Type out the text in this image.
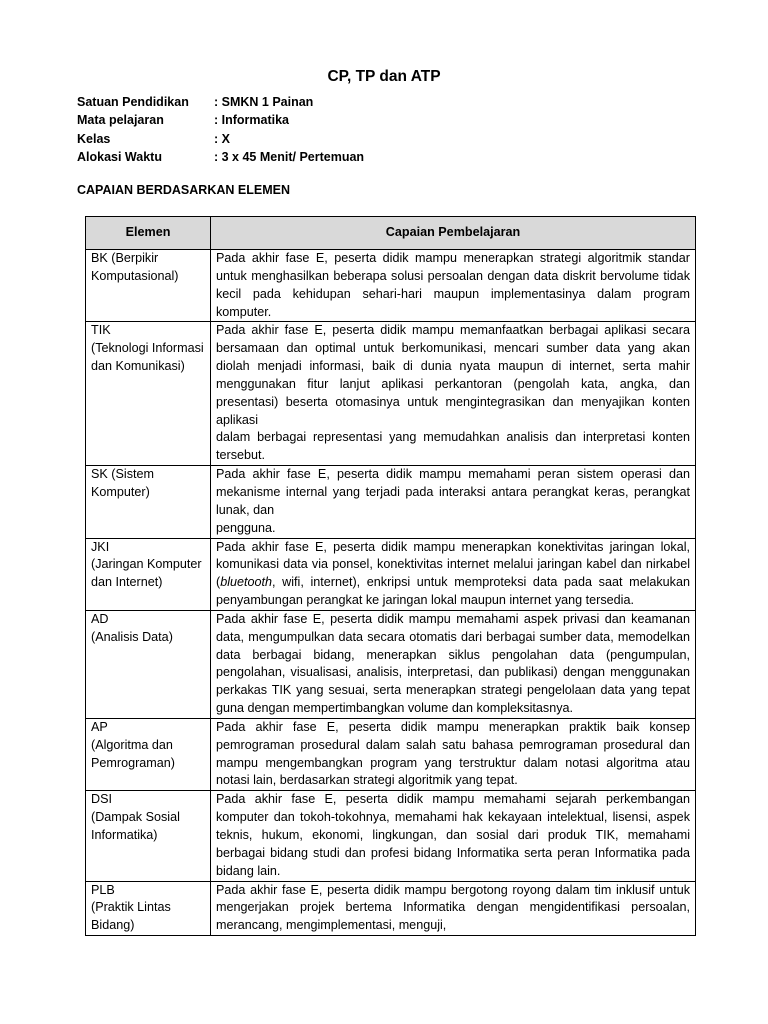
CP, TP dan ATP
Satuan Pendidikan : SMKN 1 Painan
Mata pelajaran	: Informatika
Kelas	: X
Alokasi Waktu	: 3 x 45 Menit/ Pertemuan
CAPAIAN BERDASARKAN ELEMEN
Elemen	Capaian Pembelajaran

BK (Berpikir Komputasional)	Pada akhir fase E, peserta didik mampu menerapkan strategi algoritmik standar untuk menghasilkan beberapa solusi persoalan dengan data diskrit bervolume tidak kecil pada kehidupan sehari-hari maupun implementasinya dalam program komputer.

TIK
(Teknologi Informasi dan Komunikasi)	Pada akhir fase E, peserta didik mampu memanfaatkan berbagai aplikasi secara bersamaan dan optimal untuk berkomunikasi, mencari sumber data yang akan diolah menjadi informasi, baik di dunia nyata maupun di internet, serta mahir menggunakan fitur lanjut aplikasi perkantoran (pengolah kata, angka, dan presentasi) beserta otomasinya untuk mengintegrasikan dan menyajikan konten aplikasi
dalam berbagai representasi yang memudahkan analisis dan interpretasi konten tersebut.

SK (Sistem Komputer)	Pada akhir fase E, peserta didik mampu memahami peran sistem operasi dan mekanisme internal yang terjadi pada interaksi antara perangkat keras, perangkat lunak, dan
pengguna.

JKI
(Jaringan Komputer dan Internet)	Pada akhir fase E, peserta didik mampu menerapkan konektivitas jaringan lokal, komunikasi data via ponsel, konektivitas internet melalui jaringan kabel dan nirkabel (bluetooth, wifi, internet), enkripsi untuk memproteksi data pada saat melakukan penyambungan perangkat ke jaringan lokal maupun internet yang tersedia.

AD
(Analisis Data)	Pada akhir fase E, peserta didik mampu memahami aspek privasi dan keamanan data, mengumpulkan data secara otomatis dari berbagai sumber data, memodelkan data berbagai bidang, menerapkan siklus pengolahan data (pengumpulan, pengolahan, visualisasi, analisis, interpretasi, dan publikasi) dengan menggunakan perkakas TIK yang sesuai, serta menerapkan strategi pengelolaan data yang tepat guna dengan mempertimbangkan volume dan kompleksitasnya.

AP
(Algoritma dan Pemrograman)	Pada akhir fase E, peserta didik mampu menerapkan praktik baik konsep pemrograman prosedural dalam salah satu bahasa pemrograman prosedural dan mampu mengembangkan program yang terstruktur dalam notasi algoritma atau notasi lain, berdasarkan strategi algoritmik yang tepat.

DSI
(Dampak Sosial Informatika)	Pada akhir fase E, peserta didik mampu memahami sejarah perkembangan komputer dan tokoh-tokohnya, memahami hak kekayaan intelektual, lisensi, aspek teknis, hukum, ekonomi, lingkungan, dan sosial dari produk TIK, memahami berbagai bidang studi dan profesi bidang Informatika serta peran Informatika pada bidang lain.

PLB
(Praktik Lintas Bidang)	Pada akhir fase E, peserta didik mampu bergotong royong dalam tim inklusif untuk mengerjakan projek bertema Informatika dengan mengidentifikasi persoalan, merancang, mengimplementasi, menguji,
